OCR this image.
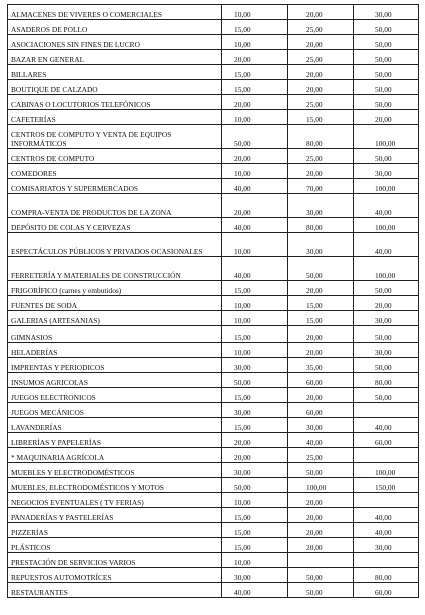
ALMACENES DE VIVERES O COMERCIALES	10,00	20,00	30,00
ASADEROS DE POLLO	15,00	25,00	50,00
ASOCIACIONES SIN FINES DE LUCRO	10,00	20,00	50,00
BAZAR EN GENERAL	20,00	25,00	50,00
BILLARES	15,00	20,00	50,00
BOUTIQUE DE CALZADO	15,00	20,00	50,00
CABINAS O LOCUTORIOS TELEFÓNICOS	20,00	25,00	50,00
CAFETERÍAS	10,00	15,00	20,00
CENTROS DE COMPUTO Y VENTA DE EQUIPOS INFORMÁTICOS	50,00	80,00	100,00
CENTROS DE COMPUTO	20,00	25,00	50,00
COMEDORES	10,00	20,00	30,00
COMISARIATOS Y SUPERMERCADOS	40,00	70,00	100,00
COMPRA-VENTA DE PRODUCTOS DE LA ZONA	20,00	30,00	40,00
DEPÓSITO DE COLAS Y CERVEZAS	40,00	80,00	100,00
ESPECTÁCULOS PÚBLICOS Y PRIVADOS OCASIONALES	10,00	30,00	40,00
FERRETERÍA Y MATERIALES DE CONSTRUCCIÓN	40,00	50,00	100,00
FRIGORÍFICO (carnes y embutidos)	15,00	20,00	50,00
FUENTES DE SODA	10,00	15,00	20,00
GALERIAS (ARTESANIAS)	10,00	15,00	30,00
GIMNASIOS	15,00	20,00	50,00
HELADERÍAS	10,00	20,00	30,00
IMPRENTAS Y PERIODICOS	30,00	35,00	50,00
INSUMOS AGRICOLAS	50,00	60,00	80,00
JUEGOS ELECTRONICOS	15,00	20,00	50,00
JUEGOS MECÁNICOS	30,00	60,00	
LAVANDERÍAS	15,00	30,00	40,00
LIBRERÍAS Y PAPELERÍAS	20,00	40,00	60,00
* MAQUINARIA AGRÍCOLA	20,00	25,00	
MUEBLES Y ELECTRODOMÉSTICOS	30,00	50,00	100,00
MUEBLES, ELECTRODOMÉSTICOS Y MOTOS	50,00	100,00	150,00
NEGOCIOS EVENTUALES ( TV FERIAS)	10,00	20,00	
PANADERÍAS Y PASTELERÍAS	15,00	20,00	40,00
PIZZERÍAS	15,00	20,00	40,00
PLÁSTICOS	15,00	20,00	30,00
PRESTACIÓN DE SERVICIOS VARIOS	10,00		
REPUESTOS AUTOMOTRÍCES	30,00	50,00	80,00
RESTAURANTES	40,00	50,00	60,00
